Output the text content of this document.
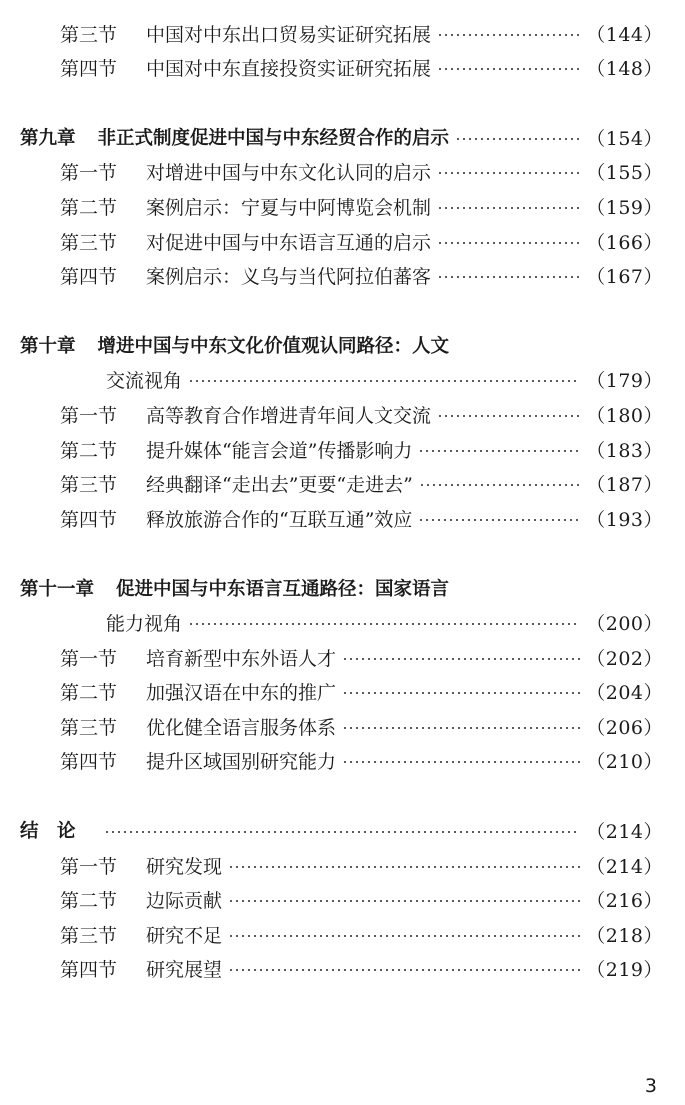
第三节	中国对中东出口贸易实证研究拓展	（144）
第四节	中国对中东直接投资实证研究拓展	（148）
第九章 非正式制度促进中国与中东经贸合作的启示	（154）
第一节	对增进中国与中东文化认同的启示	（155）
第二节	案例启示：宁夏与中阿博览会机制	（159）
第三节	对促进中国与中东语言互通的启示	（166）
第四节	案例启示：义乌与当代阿拉伯蕃客	（167）
第十章 增进中国与中东文化价值观认同路径：人文
交流视角	（179）
第一节	高等教育合作增进青年间人文交流	（180）
第二节	提升媒体“能言会道”传播影响力	（183）
第三节	经典翻译“走出去”更要“走进去”	（187）
第四节	释放旅游合作的“互联互通”效应	（193）
第十一章 促进中国与中东语言互通路径：国家语言
能力视角	（200）
第一节	培育新型中东外语人才	（202）
第二节	加强汉语在中东的推广	（204）
第三节	优化健全语言服务体系	（206）
第四节	提升区域国别研究能力	（210）
结　论	（214）
第一节	研究发现	（214）
第二节	边际贡献	（216）
第三节	研究不足	（218）
第四节	研究展望	（219）
3
